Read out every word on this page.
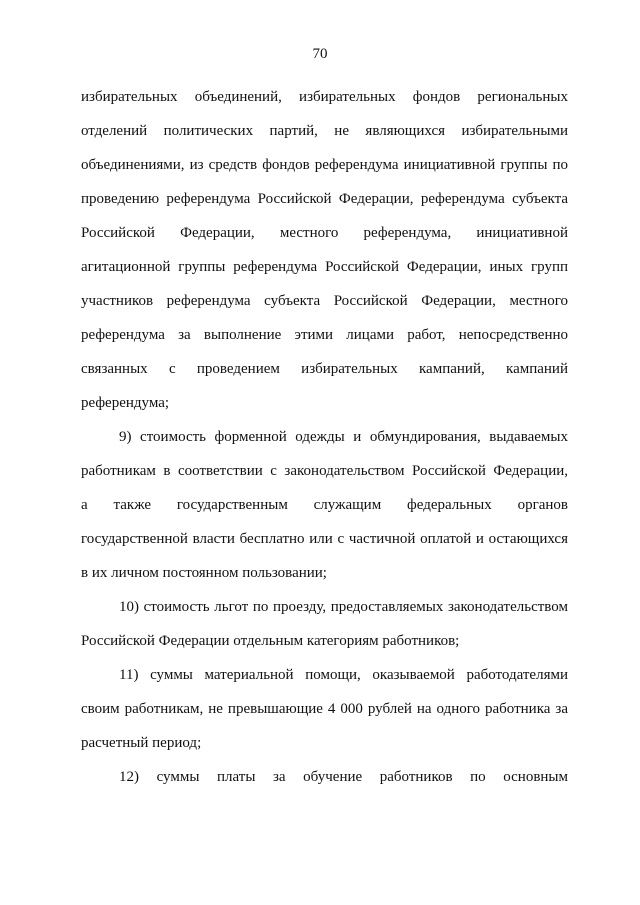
70
избирательных объединений, избирательных фондов региональных
отделений политических партий, не являющихся избирательными
объединениями, из средств фондов референдума инициативной группы по
проведению референдума Российской Федерации, референдума субъекта
Российской Федерации, местного референдума, инициативной
агитационной группы референдума Российской Федерации, иных групп
участников референдума субъекта Российской Федерации, местного
референдума за выполнение этими лицами работ, непосредственно
связанных с проведением избирательных кампаний, кампаний
референдума;
9) стоимость форменной одежды и обмундирования, выдаваемых
работникам в соответствии с законодательством Российской Федерации,
а также государственным служащим федеральных органов
государственной власти бесплатно или с частичной оплатой и остающихся
в их личном постоянном пользовании;
10) стоимость льгот по проезду, предоставляемых законодательством
Российской Федерации отдельным категориям работников;
11) суммы материальной помощи, оказываемой работодателями
своим работникам, не превышающие 4 000 рублей на одного работника за
расчетный период;
12) суммы платы за обучение работников по основным
